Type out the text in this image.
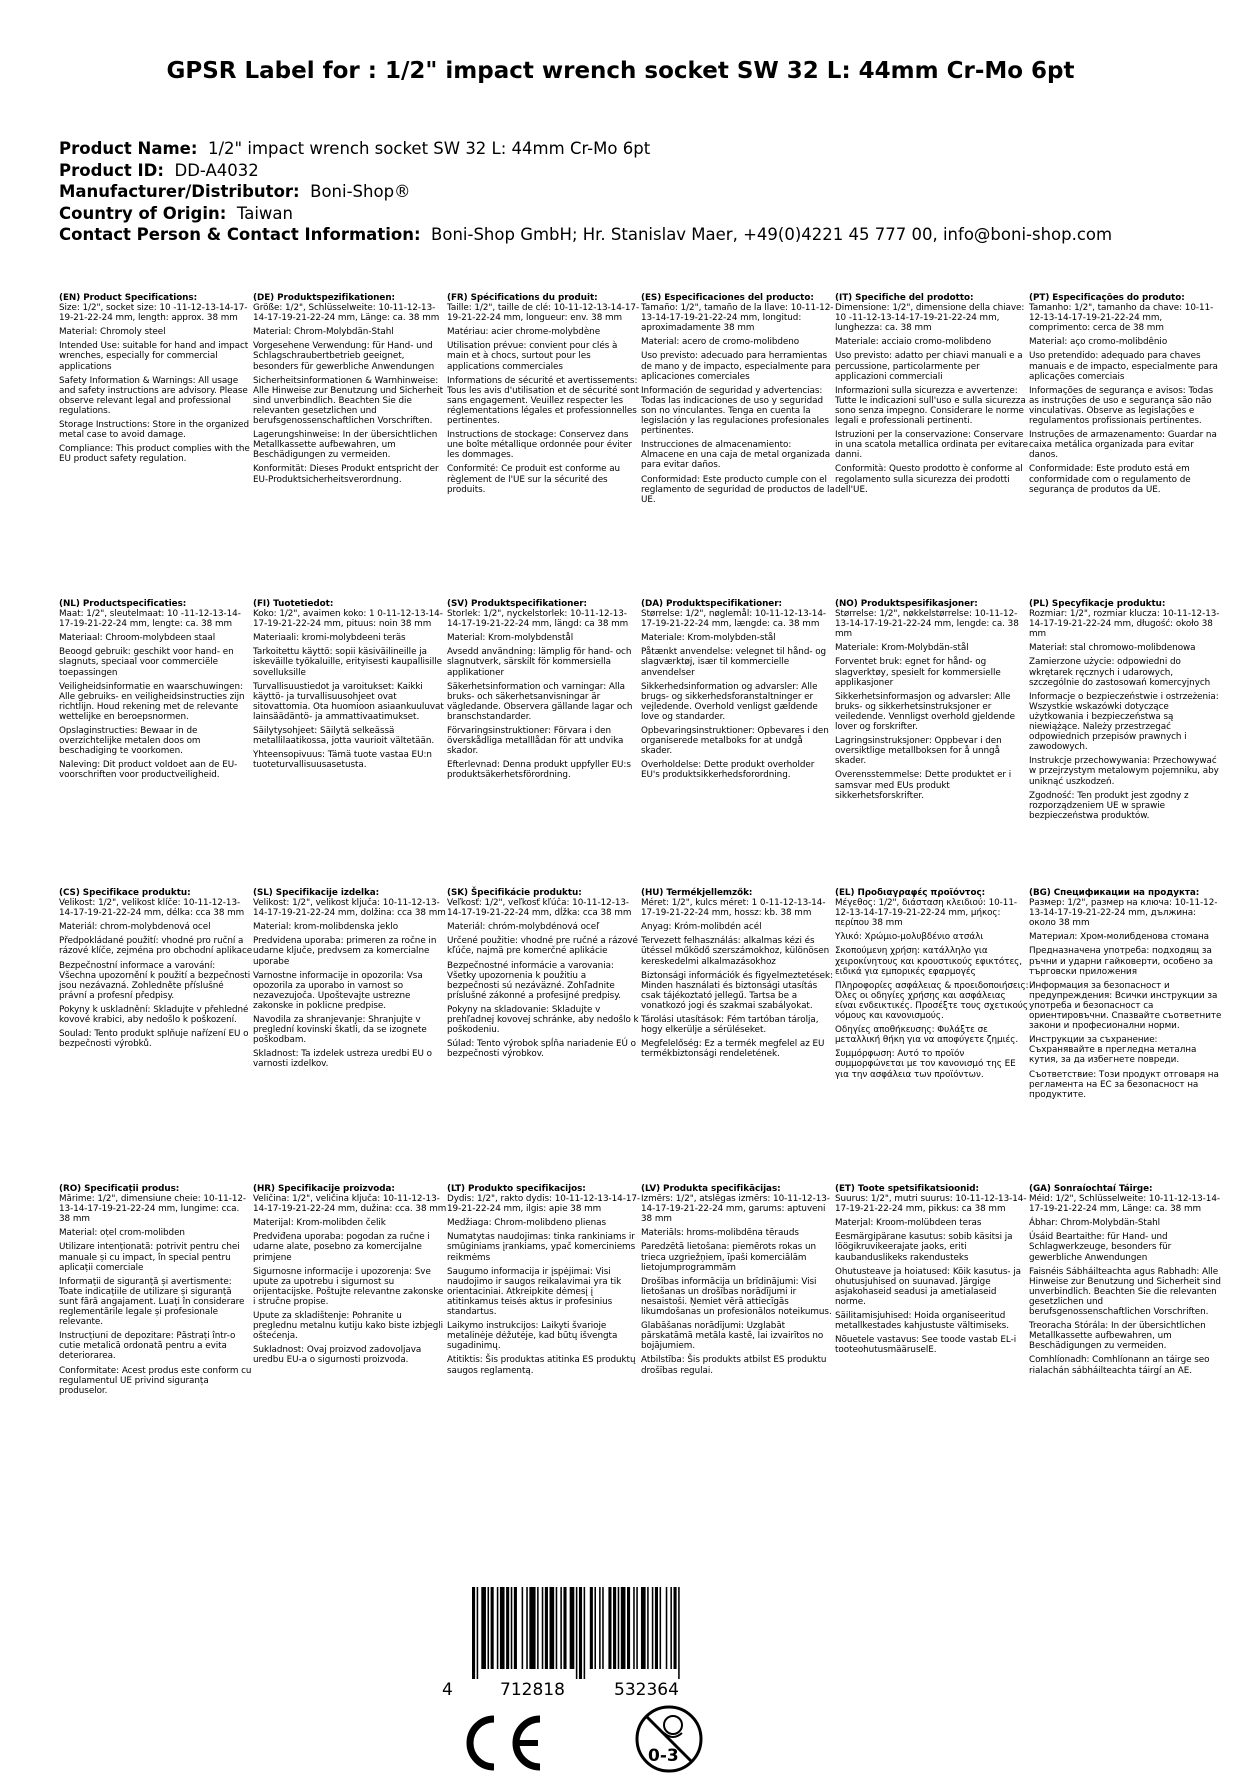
GPSR Label for : 1/2" impact wrench socket SW 32 L: 44mm Cr-Mo 6pt
Product Name: 1/2" impact wrench socket SW 32 L: 44mm Cr-Mo 6pt
Product ID: DD-A4032
Manufacturer/Distributor: Boni-Shop®
Country of Origin: Taiwan
Contact Person & Contact Information: Boni-Shop GmbH; Hr. Stanislav Maer, +49(0)4221 45 777 00, info@boni-shop.com
(EN) Product Specifications:

Size: 1/2", socket size: 10 -11-12-13-14-17-19-21-22-24 mm, length: approx. 38 mm

Material: Chromoly steel

Intended Use: suitable for hand and impact wrenches, especially for commercial applications

Safety Information & Warnings: All usage and safety instructions are advisory. Please observe relevant legal and professional regulations.

Storage Instructions: Store in the organized metal case to avoid damage.

Compliance: This product complies with the EU product safety regulation.

(DE) Produktspezifikationen:

Größe: 1/2", Schlüsselweite: 10-11-12-13-14-17-19-21-22-24 mm, Länge: ca. 38 mm

Material: Chrom-Molybdän-Stahl

Vorgesehene Verwendung: für Hand- und Schlagschraubertbetrieb geeignet, besonders für gewerbliche Anwendungen

Sicherheitsinformationen & Warnhinweise: Alle Hinweise zur Benutzung und Sicherheit sind unverbindlich. Beachten Sie die relevanten gesetzlichen und berufsgenossenschaftlichen Vorschriften.

Lagerungshinweise: In der übersichtlichen Metallkassette aufbewahren, um Beschädigungen zu vermeiden.

Konformität: Dieses Produkt entspricht der EU-Produktsicherheitsverordnung.

(FR) Spécifications du produit:

Taille: 1/2", taille de clé: 10-11-12-13-14-17-19-21-22-24 mm, longueur: env. 38 mm

Matériau: acier chrome-molybdène

Utilisation prévue: convient pour clés à main et à chocs, surtout pour les applications commerciales

Informations de sécurité et avertissements: Tous les avis d'utilisation et de sécurité sont sans engagement. Veuillez respecter les réglementations légales et professionnelles pertinentes.

Instructions de stockage: Conservez dans une boîte métallique ordonnée pour éviter les dommages.

Conformité: Ce produit est conforme au règlement de l'UE sur la sécurité des produits.

(ES) Especificaciones del producto:

Tamaño: 1/2", tamaño de la llave: 10-11-12-13-14-17-19-21-22-24 mm, longitud: aproximadamente 38 mm

Material: acero de cromo-molibdeno

Uso previsto: adecuado para herramientas de mano y de impacto, especialmente para aplicaciones comerciales

Información de seguridad y advertencias: Todas las indicaciones de uso y seguridad son no vinculantes. Tenga en cuenta la legislación y las regulaciones profesionales pertinentes.

Instrucciones de almacenamiento: Almacene en una caja de metal organizada para evitar daños.

Conformidad: Este producto cumple con el reglamento de seguridad de productos de la UE.

(IT) Specifiche del prodotto:

Dimensione: 1/2", dimensione della chiave: 10 -11-12-13-14-17-19-21-22-24 mm, lunghezza: ca. 38 mm

Materiale: acciaio cromo-molibdeno

Uso previsto: adatto per chiavi manuali e a percussione, particolarmente per applicazioni commerciali

Informazioni sulla sicurezza e avvertenze: Tutte le indicazioni sull'uso e sulla sicurezza sono senza impegno. Considerare le norme legali e professionali pertinenti.

Istruzioni per la conservazione: Conservare in una scatola metallica ordinata per evitare danni.

Conformità: Questo prodotto è conforme al regolamento sulla sicurezza dei prodotti dell'UE.

(PT) Especificações do produto:

Tamanho: 1/2", tamanho da chave: 10-11-12-13-14-17-19-21-22-24 mm, comprimento: cerca de 38 mm

Material: aço cromo-molibdênio

Uso pretendido: adequado para chaves manuais e de impacto, especialmente para aplicações comerciais

Informações de segurança e avisos: Todas as instruções de uso e segurança são não vinculativas. Observe as legislações e regulamentos profissionais pertinentes.

Instruções de armazenamento: Guardar na caixa metálica organizada para evitar danos.

Conformidade: Este produto está em conformidade com o regulamento de segurança de produtos da UE.

(NL) Productspecificaties:

Maat: 1/2", sleutelmaat: 10 -11-12-13-14-17-19-21-22-24 mm, lengte: ca. 38 mm

Materiaal: Chroom-molybdeen staal

Beoogd gebruik: geschikt voor hand- en slagnuts, speciaal voor commerciële toepassingen

Veiligheidsinformatie en waarschuwingen: Alle gebruiks- en veiligheidsinstructies zijn richtlijn. Houd rekening met de relevante wettelijke en beroepsnormen.

Opslaginstructies: Bewaar in de overzichtelijke metalen doos om beschadiging te voorkomen.

Naleving: Dit product voldoet aan de EU-voorschriften voor productveiligheid.

(FI) Tuotetiedot:

Koko: 1/2", avaimen koko: 1 0-11-12-13-14-17-19-21-22-24 mm, pituus: noin 38 mm

Materiaali: kromi-molybdeeni teräs

Tarkoitettu käyttö: sopii käsiväilineille ja iskeväille työkaluille, erityisesti kaupallisille sovelluksille

Turvallisuustiedot ja varoitukset: Kaikki käyttö- ja turvallisuusohjeet ovat sitovattomia. Ota huomioon asiaankuuluvat lainsäädäntö- ja ammattivaatimukset.

Säilytysohjeet: Säilytä selkeässä metallilaatikossa, jotta vaurioit vältetään.

Yhteensopivuus: Tämä tuote vastaa EU:n tuoteturvallisuusasetusta.

(SV) Produktspecifikationer:

Storlek: 1/2", nyckelstorlek: 10-11-12-13-14-17-19-21-22-24 mm, längd: ca 38 mm

Material: Krom-molybdenstål

Avsedd användning: lämplig för hand- och slagnutverk, särskilt för kommersiella applikationer

Säkerhetsinformation och varningar: Alla bruks- och säkerhetsanvisningar är vägledande. Observera gällande lagar och branschstandarder.

Förvaringsinstruktioner: Förvara i den överskådliga metalllådan för att undvika skador.

Efterlevnad: Denna produkt uppfyller EU:s produktsäkerhetsförordning.

(DA) Produktspecifikationer:

Størrelse: 1/2", nøglemål: 10-11-12-13-14-17-19-21-22-24 mm, længde: ca. 38 mm

Materiale: Krom-molybden-stål

Påtænkt anvendelse: velegnet til hånd- og slagværktøj, især til kommercielle anvendelser

Sikkerhedsinformation og advarsler: Alle brugs- og sikkerhedsforanstaltninger er vejledende. Overhold venligst gældende love og standarder.

Opbevaringsinstruktioner: Opbevares i den organiserede metalboks for at undgå skader.

Overholdelse: Dette produkt overholder EU's produktsikkerhedsforordning.

(NO) Produktspesifikasjoner:

Størrelse: 1/2", nøkkelstørrelse: 10-11-12-13-14-17-19-21-22-24 mm, lengde: ca. 38 mm

Materiale: Krom-Molybdän-stål

Forventet bruk: egnet for hånd- og slagverktøy, spesielt for kommersielle applikasjoner

Sikkerhetsinformasjon og advarsler: Alle bruks- og sikkerhetsinstruksjoner er veiledende. Vennligst overhold gjeldende lover og forskrifter.

Lagringsinstruksjoner: Oppbevar i den oversiktlige metallboksen for å unngå skader.

Overensstemmelse: Dette produktet er i samsvar med EUs produkt sikkerhetsforskrifter.

(PL) Specyfikacje produktu:

Rozmiar: 1/2", rozmiar klucza: 10-11-12-13-14-17-19-21-22-24 mm, długość: około 38 mm

Materiał: stal chromowo-molibdenowa

Zamierzone użycie: odpowiedni do wkrętarek ręcznych i udarowych, szczególnie do zastosowań komercyjnych

Informacje o bezpieczeństwie i ostrzeżenia: Wszystkie wskazówki dotyczące użytkowania i bezpieczeństwa są niewiążące. Należy przestrzegać odpowiednich przepisów prawnych i zawodowych.

Instrukcje przechowywania: Przechowywać w przejrzystym metalowym pojemniku, aby uniknąć uszkodzeń.

Zgodność: Ten produkt jest zgodny z rozporządzeniem UE w sprawie bezpieczeństwa produktów.

(CS) Specifikace produktu:

Velikost: 1/2", velikost klíče: 10-11-12-13-14-17-19-21-22-24 mm, délka: cca 38 mm

Materiál: chrom-molybdenová ocel

Předpokládané použití: vhodné pro ruční a rázové klíče, zejména pro obchodní aplikace

Bezpečnostní informace a varování: Všechna upozornění k použití a bezpečnosti jsou nezávazná. Zohledněte příslušné právní a profesní předpisy.

Pokyny k uskladnění: Skladujte v přehledné kovové krabici, aby nedošlo k poškození.

Soulad: Tento produkt splňuje nařízení EU o bezpečnosti výrobků.

(SL) Specifikacije izdelka:

Velikost: 1/2", velikost ključa: 10-11-12-13-14-17-19-21-22-24 mm, dolžina: cca 38 mm

Material: krom-molibdenska jeklo

Predvidena uporaba: primeren za ročne in udarne ključe, predvsem za komercialne uporabe

Varnostne informacije in opozorila: Vsa opozorila za uporabo in varnost so nezavezujoča. Upoštevajte ustrezne zakonske in poklicne predpise.

Navodila za shranjevanje: Shranjujte v preglední kovinski škatli, da se izognete poškodbam.

Skladnost: Ta izdelek ustreza uredbi EU o varnosti izdelkov.

(SK) Špecifikácie produktu:

Veľkosť: 1/2", veľkosť kľúča: 10-11-12-13-14-17-19-21-22-24 mm, dĺžka: cca 38 mm

Materiál: chróm-molybdénová oceľ

Určené použitie: vhodné pre ručné a rázové kľúče, najmä pre komerčné aplikácie

Bezpečnostné informácie a varovania: Všetky upozornenia k použitiu a bezpečnosti sú nezáväzné. Zohľadnite príslušné zákonné a profesijné predpisy.

Pokyny na skladovanie: Skladujte v prehľadnej kovovej schránke, aby nedošlo k poškodeniu.

Súlad: Tento výrobok spĺňa nariadenie EÚ o bezpečnosti výrobkov.

(HU) Termékjellemzők:

Méret: 1/2", kulcs méret: 1 0-11-12-13-14-17-19-21-22-24 mm, hossz: kb. 38 mm

Anyag: Króm-molibdén acél

Tervezett felhasználás: alkalmas kézi és ütéssel működő szerszámokhoz, különösen kereskedelmi alkalmazásokhoz

Biztonsági információk és figyelmeztetések: Minden használati és biztonsági utasítás csak tájékoztató jellegű. Tartsa be a vonatkozó jogi és szakmai szabályokat.

Tárolási utasítások: Fém tartóban tárolja, hogy elkerülje a sérüléseket.

Megfelelőség: Ez a termék megfelel az EU termékbiztonsági rendeletének.

(EL) Προδιαγραφές προϊόντος:

Μέγεθος: 1/2", διάσταση κλειδιού: 10-11-12-13-14-17-19-21-22-24 mm, μήκος: περίπου 38 mm

Υλικό: Χρώμιο-μολυβδένιο ατσάλι

Σκοπούμενη χρήση: κατάλληλο για χειροκίνητους και κρουστικούς εφικτότες, ειδικά για εμπορικές εφαρμογές

Πληροφορίες ασφάλειας & προειδοποιήσεις: Όλες οι οδηγίες χρήσης και ασφάλειας είναι ενδεικτικές. Προσέξτε τους σχετικούς νόμους και κανονισμούς.

Οδηγίες αποθήκευσης: Φυλάξτε σε μεταλλική θήκη για να αποφύγετε ζημιές.

Συμμόρφωση: Αυτό το προϊόν συμμορφώνεται με τον κανονισμό της ΕΕ για την ασφάλεια των προϊόντων.

(BG) Спецификации на продукта:

Размер: 1/2", размер на ключа: 10-11-12-13-14-17-19-21-22-24 mm, дължина: около 38 mm

Материал: Хром-молибденова стомана

Предназначена употреба: подходящ за ръчни и ударни гайковерти, особено за търговски приложения

Информация за безопасност и предупреждения: Всички инструкции за употреба и безопасност са ориентировъчни. Спазвайте съответните закони и професионални норми.

Инструкции за съхранение: Съхранявайте в прегледна метална кутия, за да избегнете повреди.

Съответствие: Този продукт отговаря на регламента на ЕС за безопасност на продуктите.

(RO) Specificații produs:

Mărime: 1/2", dimensiune cheie: 10-11-12-13-14-17-19-21-22-24 mm, lungime: cca. 38 mm

Material: oțel crom-molibden

Utilizare intenționată: potrivit pentru chei manuale și cu impact, în special pentru aplicații comerciale

Informații de siguranță și avertismente: Toate indicațiile de utilizare și siguranță sunt fără angajament. Luați în considerare reglementările legale și profesionale relevante.

Instrucțiuni de depozitare: Păstrați într-o cutie metalică ordonată pentru a evita deteriorarea.

Conformitate: Acest produs este conform cu regulamentul UE privind siguranța produselor.

(HR) Specifikacije proizvoda:

Veličina: 1/2", veličina ključa: 10-11-12-13-14-17-19-21-22-24 mm, dužina: cca. 38 mm

Materijal: Krom-molibden čelik

Predviđena uporaba: pogodan za ručne i udarne alate, posebno za komercijalne primjene

Sigurnosne informacije i upozorenja: Sve upute za upotrebu i sigurnost su orijentacijske. Poštujte relevantne zakonske i stručne propise.

Upute za skladištenje: Pohranite u preglednu metalnu kutiju kako biste izbjegli oštećenja.

Sukladnost: Ovaj proizvod zadovoljava uredbu EU-a o sigurnosti proizvoda.

(LT) Produkto specifikacijos:

Dydis: 1/2", rakto dydis: 10-11-12-13-14-17-19-21-22-24 mm, ilgis: apie 38 mm

Medžiaga: Chrom-molibdeno plienas

Numatytas naudojimas: tinka rankiniams ir smūginiams įrankiams, ypač komerciniems reikmėms

Saugumo informacija ir įspėjimai: Visi naudojimo ir saugos reikalavimai yra tik orientaciniai. Atkreipkite dėmesį į atitinkamus teisės aktus ir profesinius standartus.

Laikymo instrukcijos: Laikyti švarioje metalinėje dėžutėje, kad būtų išvengta sugadinimų.

Atitiktis: Šis produktas atitinka ES produktų saugos reglamentą.

(LV) Produkta specifikācijas:

Izmērs: 1/2", atslēgas izmērs: 10-11-12-13-14-17-19-21-22-24 mm, garums: aptuveni 38 mm

Materiāls: hroms-molibdēna tērauds

Paredzētā lietošana: piemērots rokas un trieca uzgriežņiem, īpaši komerciālām lietojumprogrammām

Drošības informācija un brīdinājumi: Visi lietošanas un drošības norādījumi ir nesaistoši. Ņemiet vērā attiecīgās likumdošanas un profesionālos noteikumus.

Glabāšanas norādījumi: Uzglabāt pārskatāmā metāla kastē, lai izvairītos no bojājumiem.

Atbilstība: Šis produkts atbilst ES produktu drošības regulai.

(ET) Toote spetsifikatsioonid:

Suurus: 1/2", mutri suurus: 10-11-12-13-14-17-19-21-22-24 mm, pikkus: ca 38 mm

Materjal: Kroom-molübdeen teras

Eesmärgipärane kasutus: sobib käsitsi ja löögikruvikeerajate jaoks, eriti kaubanduslikeks rakendusteks

Ohutusteave ja hoiatused: Kõik kasutus- ja ohutusjuhised on suunavad. Järgige asjakohaseid seadusi ja ametialaseid norme.

Säilitamisjuhised: Hoida organiseeritud metallkestades kahjustuste vältimiseks.

Nõuetele vastavus: See toode vastab EL-i tooteohutusmääruselE.

(GA) Sonraíochtaí Táirge:

Méid: 1/2", Schlüsselweite: 10-11-12-13-14-17-19-21-22-24 mm, Länge: ca. 38 mm

Ábhar: Chrom-Molybdän-Stahl

Úsáid Beartaithe: für Hand- und Schlagwerkzeuge, besonders für gewerbliche Anwendungen

Faisnéis Sábháilteachta agus Rabhadh: Alle Hinweise zur Benutzung und Sicherheit sind unverbindlich. Beachten Sie die relevanten gesetzlichen und berufsgenossenschaftlichen Vorschriften.

Treoracha Stórála: In der übersichtlichen Metallkassette aufbewahren, um Beschädigungen zu vermeiden.

Comhlíonadh: Comhlíonann an táirge seo rialachán sábháilteachta táirgí an AE.

4	712818	532364
0-3
